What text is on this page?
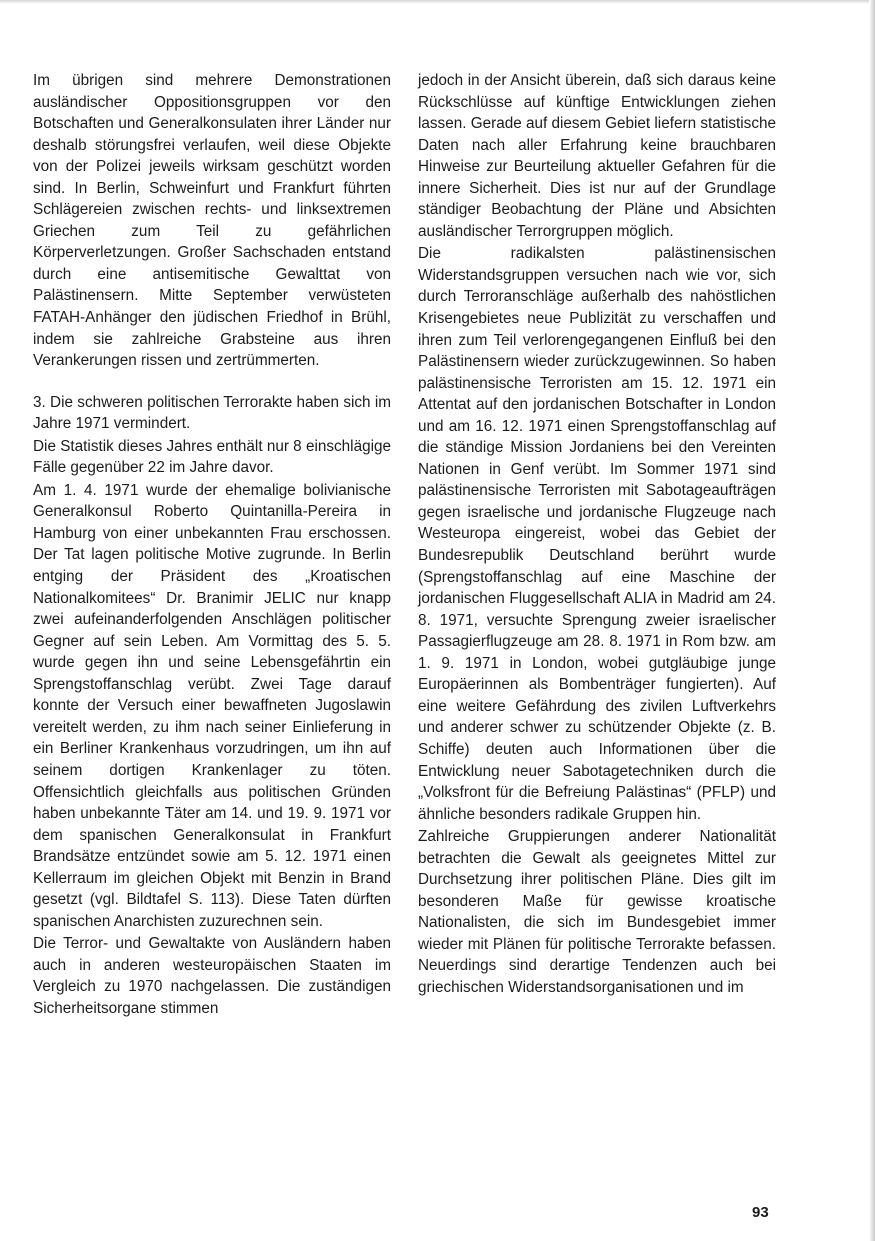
Im übrigen sind mehrere Demonstrationen ausländischer Oppositionsgruppen vor den Botschaften und Generalkonsulaten ihrer Länder nur deshalb störungsfrei verlaufen, weil diese Objekte von der Polizei jeweils wirksam geschützt worden sind. In Berlin, Schweinfurt und Frankfurt führten Schlägereien zwischen rechts- und linksextremen Griechen zum Teil zu gefährlichen Körperverletzungen. Großer Sachschaden entstand durch eine antisemitische Gewalttat von Palästinensern. Mitte September verwüsteten FATAH-Anhänger den jüdischen Friedhof in Brühl, indem sie zahlreiche Grabsteine aus ihren Verankerungen rissen und zertrümmerten.

3. Die schweren politischen Terrorakte haben sich im Jahre 1971 vermindert.

Die Statistik dieses Jahres enthält nur 8 einschlägige Fälle gegenüber 22 im Jahre davor.

Am 1. 4. 1971 wurde der ehemalige bolivianische Generalkonsul Roberto Quintanilla-Pereira in Hamburg von einer unbekannten Frau erschossen. Der Tat lagen politische Motive zugrunde. In Berlin entging der Präsident des „Kroatischen Nationalkomitees“ Dr. Branimir JELIC nur knapp zwei aufeinanderfolgenden Anschlägen politischer Gegner auf sein Leben. Am Vormittag des 5. 5. wurde gegen ihn und seine Lebensgefährtin ein Sprengstoffanschlag verübt. Zwei Tage darauf konnte der Versuch einer bewaffneten Jugoslawin vereitelt werden, zu ihm nach seiner Einlieferung in ein Berliner Krankenhaus vorzudringen, um ihn auf seinem dortigen Krankenlager zu töten. Offensichtlich gleichfalls aus politischen Gründen haben unbekannte Täter am 14. und 19. 9. 1971 vor dem spanischen Generalkonsulat in Frankfurt Brandsätze entzündet sowie am 5. 12. 1971 einen Kellerraum im gleichen Objekt mit Benzin in Brand gesetzt (vgl. Bildtafel S. 113). Diese Taten dürften spanischen Anarchisten zuzurechnen sein.

Die Terror- und Gewaltakte von Ausländern haben auch in anderen westeuropäischen Staaten im Vergleich zu 1970 nachgelassen. Die zuständigen Sicherheitsorgane stimmen

jedoch in der Ansicht überein, daß sich daraus keine Rückschlüsse auf künftige Entwicklungen ziehen lassen. Gerade auf diesem Gebiet liefern statistische Daten nach aller Erfahrung keine brauchbaren Hinweise zur Beurteilung aktueller Gefahren für die innere Sicherheit. Dies ist nur auf der Grundlage ständiger Beobachtung der Pläne und Absichten ausländischer Terrorgruppen möglich.

Die radikalsten palästinensischen Widerstandsgruppen versuchen nach wie vor, sich durch Terroranschläge außerhalb des nahöstlichen Krisengebietes neue Publizität zu verschaffen und ihren zum Teil verlorengegangenen Einfluß bei den Palästinensern wieder zurückzugewinnen. So haben palästinensische Terroristen am 15. 12. 1971 ein Attentat auf den jordanischen Botschafter in London und am 16. 12. 1971 einen Sprengstoffanschlag auf die ständige Mission Jordaniens bei den Vereinten Nationen in Genf verübt. Im Sommer 1971 sind palästinensische Terroristen mit Sabotageaufträgen gegen israelische und jordanische Flugzeuge nach Westeuropa eingereist, wobei das Gebiet der Bundesrepublik Deutschland berührt wurde (Sprengstoffanschlag auf eine Maschine der jordanischen Fluggesellschaft ALIA in Madrid am 24. 8. 1971, versuchte Sprengung zweier israelischer Passagierflugzeuge am 28. 8. 1971 in Rom bzw. am 1. 9. 1971 in London, wobei gutgläubige junge Europäerinnen als Bombenträger fungierten). Auf eine weitere Gefährdung des zivilen Luftverkehrs und anderer schwer zu schützender Objekte (z. B. Schiffe) deuten auch Informationen über die Entwicklung neuer Sabotagetechniken durch die „Volksfront für die Befreiung Palästinas“ (PFLP) und ähnliche besonders radikale Gruppen hin.

Zahlreiche Gruppierungen anderer Nationalität betrachten die Gewalt als geeignetes Mittel zur Durchsetzung ihrer politischen Pläne. Dies gilt im besonderen Maße für gewisse kroatische Nationalisten, die sich im Bundesgebiet immer wieder mit Plänen für politische Terrorakte befassen. Neuerdings sind derartige Tendenzen auch bei griechischen Widerstandsorganisationen und im

93
